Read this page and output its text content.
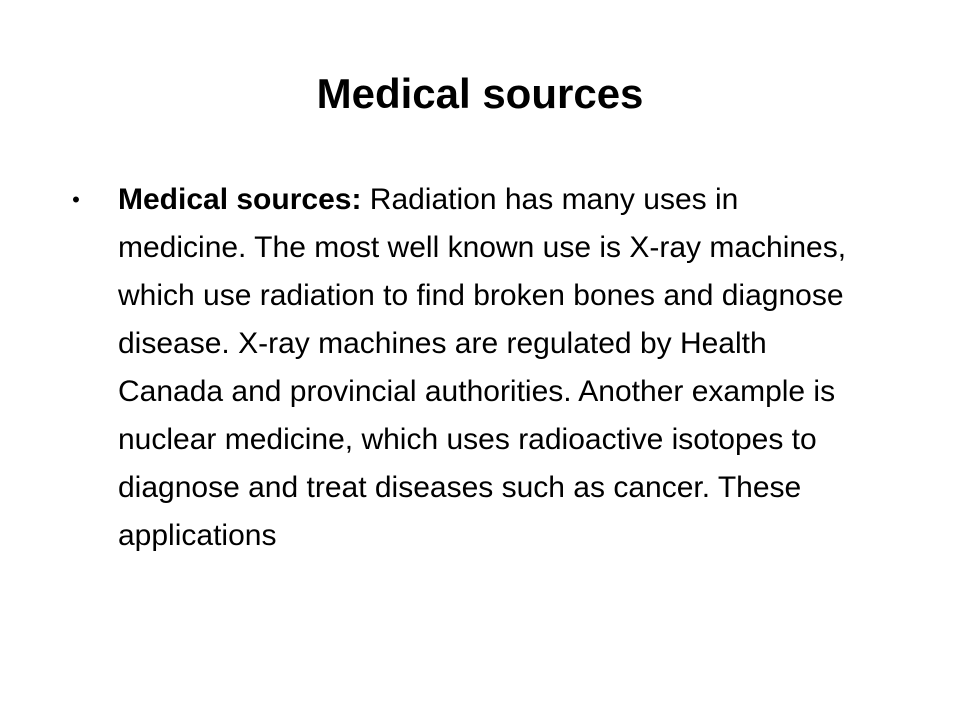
Medical sources
• Medical sources: Radiation has many uses in medicine. The most well known use is X-ray machines, which use radiation to find broken bones and diagnose disease. X-ray machines are regulated by Health Canada and provincial authorities. Another example is nuclear medicine, which uses radioactive isotopes to diagnose and treat diseases such as cancer. These applications
